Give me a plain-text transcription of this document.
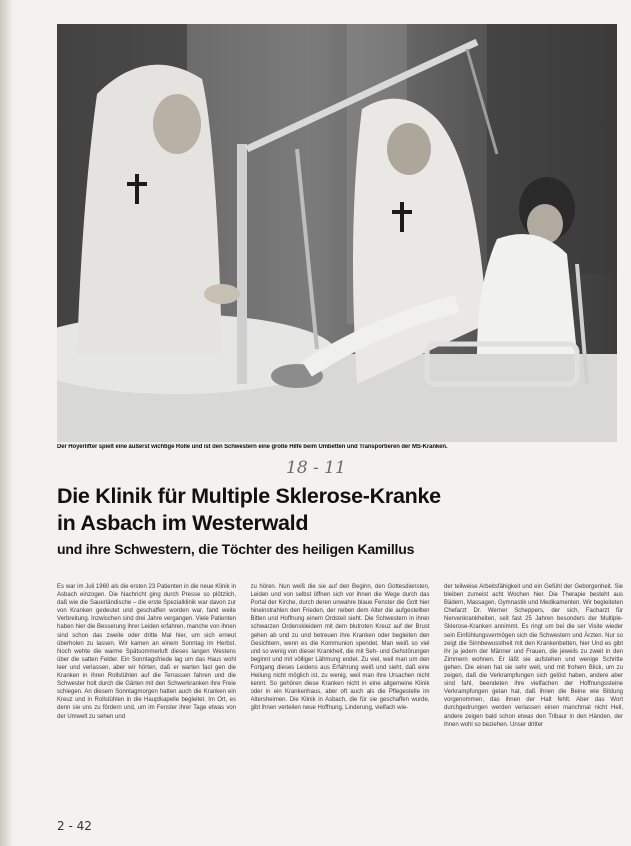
Der Hoyerlifter spielt eine äußerst wichtige Rolle und ist den Schwestern eine große Hilfe beim Umbetten und Transportieren der MS-Kranken.
18 - 11
Die Klinik für Multiple Sklerose-Kranke
in Asbach im Westerwald
und ihre Schwestern, die Töchter des heiligen Kamillus

Es war im Juli 1960 als die ersten 23 Patienten in die neue Klinik in Asbach einzogen. Die Nachricht ging durch Presse so plötzlich, daß wie die Sauerländische – die erste Spezialklinik war davon zur von Kranken gedeutet und geschaffen worden war, fand weite Verbreitung. Inzwischen sind drei Jahre vergangen. Viele Patienten haben hier die Besserung ihrer Leiden erfahren, manche von ihnen sind schon das zweite oder dritte Mal hier, um sich erneut überholen zu lassen. Wir kamen an einem Sonntag im Herbst. Noch wehte die warme Spätsommerluft dieses langen Westens über die satten Felder. Ein Sonntagsfriede lag um das Haus wohl leer und verlassen, aber wir hörten, daß er warten fast gen die Kranken in ihren Rollstühlen auf die Terrassen fahren und die Schwester holt durch die Gärten mit den Schwerkranken ihre Freie schiegen. An diesem Sonntagmorgen hatten auch die Kranken ein Kreuz und in Rollstühlen in die Hauptkapelle begleitet. Im Ort, es denn sie uns zu fördern und, um im Fenster ihrer Tage etwas von der Umwelt zu sehen und

zu hören. Nun weiß die sie auf den Beginn, den Gottesdiensten, Leiden und von selbst öffnen sich vor ihnen die Wege durch das Portal der Kirche, durch deren unwahre blaue Fenster die Gott hier hineinstrahlen den Frieden, der neben dem Alter die aufgestellten Bitten und Hoffnung einem Ordsteil sieht. Die Schwestern in ihren schwarzen Ordenskleidern mit dem blutroten Kreuz auf der Brust gehen ab und zu und betreuen ihre Kranken oder begleiten den Gesichtern, wenn es die Kommunion spendet. Man weiß so viel und so wenig von dieser Krankheit, die mit Seh- und Gehstörungen beginnt und mit völliger Lähmung endet. Zu viel, weil man um den Fortgang dieses Leidens aus Erfahrung weiß und sieht, daß eine Heilung nicht möglich ist, zu wenig, weil man ihre Ursachen nicht kennt. So gehören diese Kranken nicht in eine allgemeine Klinik oder in ein Krankenhaus, aber oft auch als die Pflegestelle im Altersheimen. Die Klinik in Asbach, die für sie geschaffen wurde, gibt ihnen verteilen neue Hoffnung, Linderung, vielfach wie-

der teilweise Arbeitsfähigkeit und ein Gefühl der Geborgenheit. Sie bleiben zumeist acht Wochen hier. Die Therapie besteht aus Bädern, Massagen, Gymnastik und Medikamenten. Wir begleiteten Chefarzt Dr. Werner Scheppers, der sich, Facharzt für Nervenkrankheiten, seit fast 25 Jahren besonders der Multiple-Sklerose-Kranken annimmt. Es ringt um bei die ser Visite wieder sein Einfühlungsvermögen sich die Schwestern und Ärzten. Nur so zeigt die Sinnbewusstheit mit den Krankenbetten, hier Und es gibt ihr ja jedem der Männer und Frauen, die jeweils zu zweit in den Zimmern wohnen. Er läßt sie aufstehen und wenige Schritte gehen. Die einen hat sie sehr weit, und mit frohem Blick, um zu zeigen, daß die Verkrampfungen sich gelöst haben, andere aber sind fahl, beendeten ihre vielfachen der Hoffnungssteine Verkrampfungen getan hat, daß ihnen die Beine wie Bildung vorgenommen, das ihnen der Halt fehlt. Aber das Wort durchgedrungen werden verlassen einen manchmal nicht Heil, andere zeigen bald schon etwas den Tribaur in den Händen, der ihnen wohl so beziehen. Unser dritter

2 - 42
